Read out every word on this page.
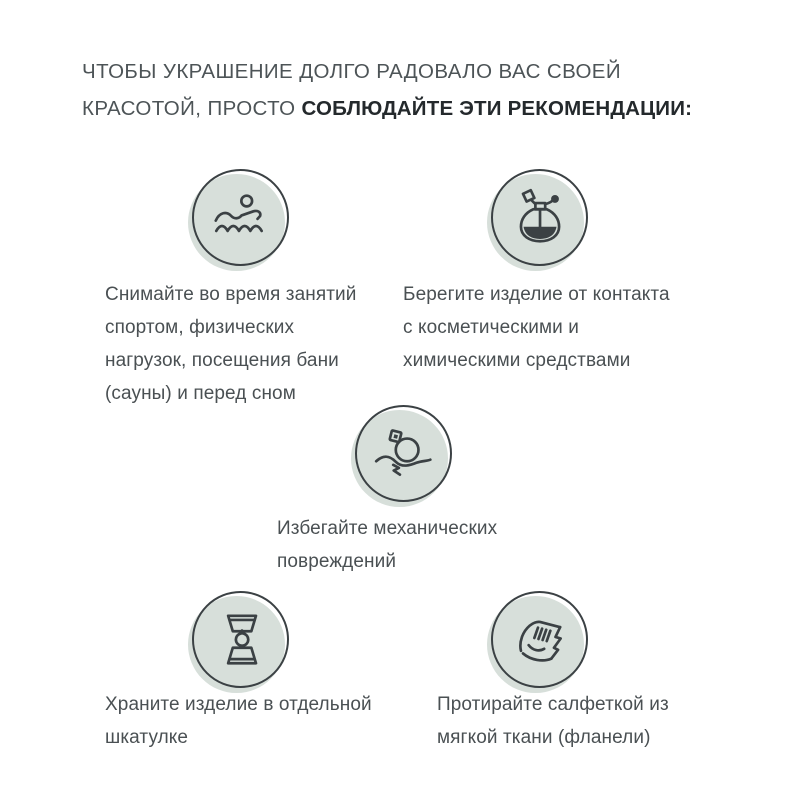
ЧТОБЫ УКРАШЕНИЕ ДОЛГО РАДОВАЛО ВАС СВОЕЙ
КРАСОТОЙ, ПРОСТО СОБЛЮДАЙТЕ ЭТИ РЕКОМЕНДАЦИИ:
Снимайте во время занятий
спортом, физических
нагрузок, посещения бани
(сауны) и перед сном
Берегите изделие от контакта
с косметическими и
химическими средствами
Избегайте механических
повреждений
Храните изделие в отдельной
шкатулке
Протирайте салфеткой из
мягкой ткани (фланели)
